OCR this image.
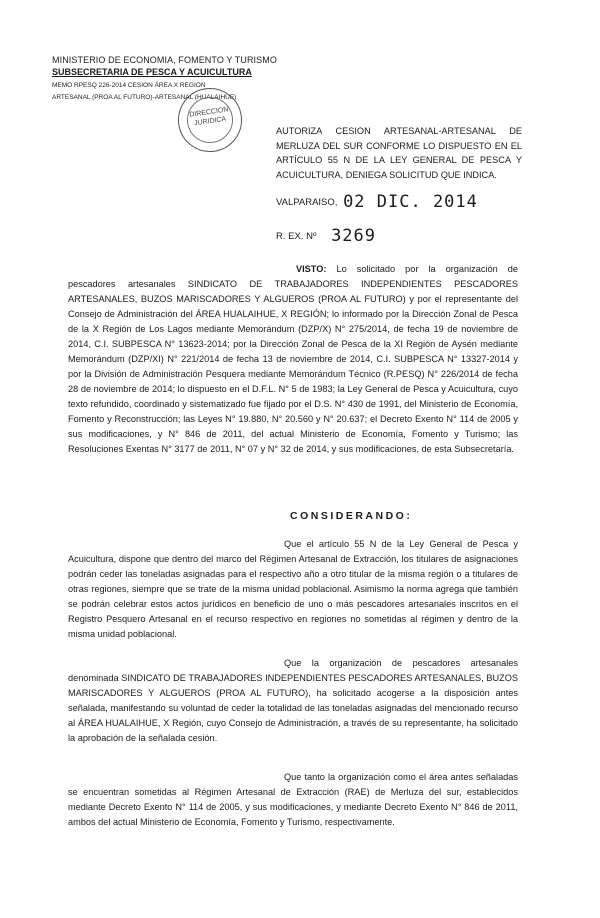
MINISTERIO DE ECONOMIA, FOMENTO Y TURISMO
SUBSECRETARIA DE PESCA Y ACUICULTURA
MEMO RPESQ 226-2014 CESION ÁREA X REGION
ARTESANAL (PROA AL FUTURO)-ARTESANAL (HUALAIHUE)
DIRECCION
JURIDICA
AUTORIZA CESION ARTESANAL-ARTESANAL DE MERLUZA DEL SUR CONFORME LO DISPUESTO EN EL ARTÍCULO 55 N DE LA LEY GENERAL DE PESCA Y ACUICULTURA, DENIEGA SOLICITUD QUE INDICA.
VALPARAISO, 02 DIC. 2014
R. EX. Nº 3269
VISTO: Lo solicitado por la organización de pescadores artesanales SINDICATO DE TRABAJADORES INDEPENDIENTES PESCADORES ARTESANALES, BUZOS MARISCADORES Y ALGUEROS (PROA AL FUTURO) y por el representante del Consejo de Administración del ÁREA HUALAIHUE, X REGIÓN; lo informado por la Dirección Zonal de Pesca de la X Región de Los Lagos mediante Memorándum (DZP/X) N° 275/2014, de fecha 19 de noviembre de 2014, C.I. SUBPESCA N° 13623-2014; por la Dirección Zonal de Pesca de la XI Región de Aysén mediante Memorándum (DZP/XI) N° 221/2014 de fecha 13 de noviembre de 2014, C.I. SUBPESCA N° 13327-2014 y por la División de Administración Pesquera mediante Memorándum Técnico (R.PESQ) N° 226/2014 de fecha 28 de noviembre de 2014; lo dispuesto en el D.F.L. N° 5 de 1983; la Ley General de Pesca y Acuicultura, cuyo texto refundido, coordinado y sistematizado fue fijado por el D.S. N° 430 de 1991, del Ministerio de Economía, Fomento y Reconstrucción; las Leyes N° 19.880, N° 20.560 y N° 20.637; el Decreto Exento N° 114 de 2005 y sus modificaciones, y N° 846 de 2011, del actual Ministerio de Economía, Fomento y Turismo; las Resoluciones Exentas N° 3177 de 2011, N° 07 y N° 32 de 2014, y sus modificaciones, de esta Subsecretaría.
CONSIDERANDO:
Que el artículo 55 N de la Ley General de Pesca y Acuicultura, dispone que dentro del marco del Régimen Artesanal de Extracción, los titulares de asignaciones podrán ceder las toneladas asignadas para el respectivo año a otro titular de la misma región o a titulares de otras regiones, siempre que se trate de la misma unidad poblacional. Asimismo la norma agrega que también se podrán celebrar estos actos jurídicos en beneficio de uno o más pescadores artesanales inscritos en el Registro Pesquero Artesanal en el recurso respectivo en regiones no sometidas al régimen y dentro de la misma unidad poblacional.
Que la organización de pescadores artesanales denominada SINDICATO DE TRABAJADORES INDEPENDIENTES PESCADORES ARTESANALES, BUZOS MARISCADORES Y ALGUEROS (PROA AL FUTURO), ha solicitado acogerse a la disposición antes señalada, manifestando su voluntad de ceder la totalidad de las toneladas asignadas del mencionado recurso al ÁREA HUALAIHUE, X Región, cuyo Consejo de Administración, a través de su representante, ha solicitado la aprobación de la señalada cesión.
Que tanto la organización como el área antes señaladas se encuentran sometidas al Régimen Artesanal de Extracción (RAE) de Merluza del sur, establecidos mediante Decreto Exento N° 114 de 2005, y sus modificaciones, y mediante Decreto Exento N° 846 de 2011, ambos del actual Ministerio de Economía, Fomento y Turismo, respectivamente.
